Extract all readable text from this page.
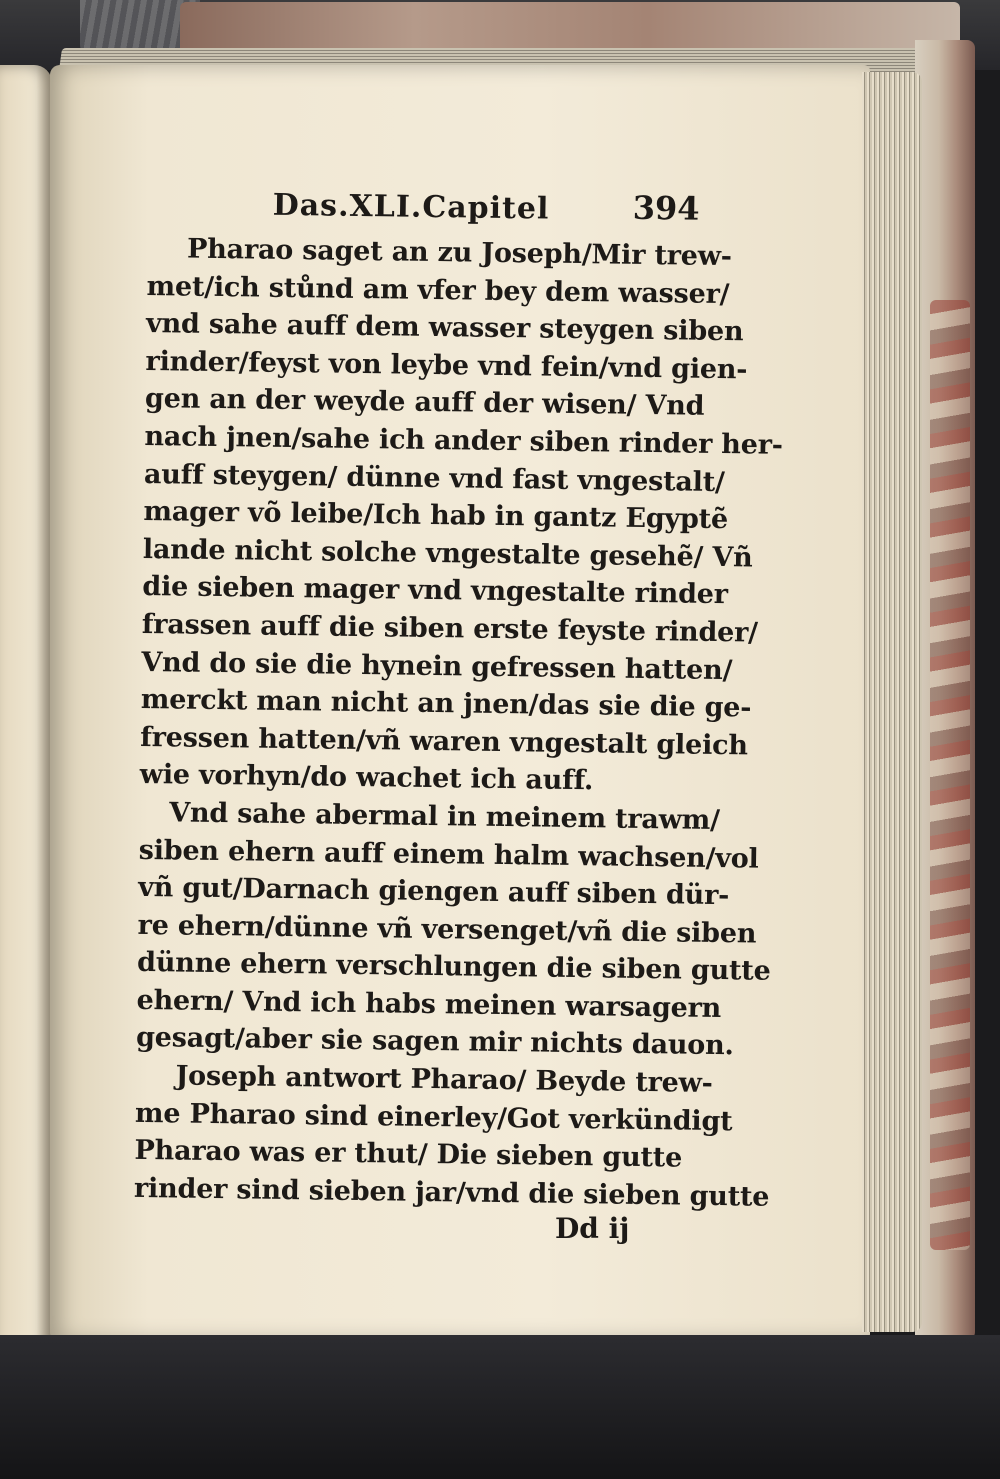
Das.XLI.Capitel	394
Pharao saget an zu Joseph/Mir trew-
met/ich stůnd am vfer bey dem wasser/
vnd sahe auff dem wasser steygen siben
rinder/feyst von leybe vnd fein/vnd gien-
gen an der weyde auff der wisen/ Vnd
nach jnen/sahe ich ander siben rinder her-
auff steygen/ dünne vnd fast vngestalt/
mager võ leibe/Ich hab in gantz Egyptẽ
lande nicht solche vngestalte gesehẽ/ Vñ
die sieben mager vnd vngestalte rinder
frassen auff die siben erste feyste rinder/
Vnd do sie die hynein gefressen hatten/
merckt man nicht an jnen/das sie die ge-
fressen hatten/vñ waren vngestalt gleich
wie vorhyn/do wachet ich auff.
Vnd sahe abermal in meinem trawm/
siben ehern auff einem halm wachsen/vol
vñ gut/Darnach giengen auff siben dür-
re ehern/dünne vñ versenget/vñ die siben
dünne ehern verschlungen die siben gutte
ehern/ Vnd ich habs meinen warsagern
gesagt/aber sie sagen mir nichts dauon.
Joseph antwort Pharao/ Beyde trew-
me Pharao sind einerley/Got verkündigt
Pharao was er thut/ Die sieben gutte
rinder sind sieben jar/vnd die sieben gutte
Dd ij
